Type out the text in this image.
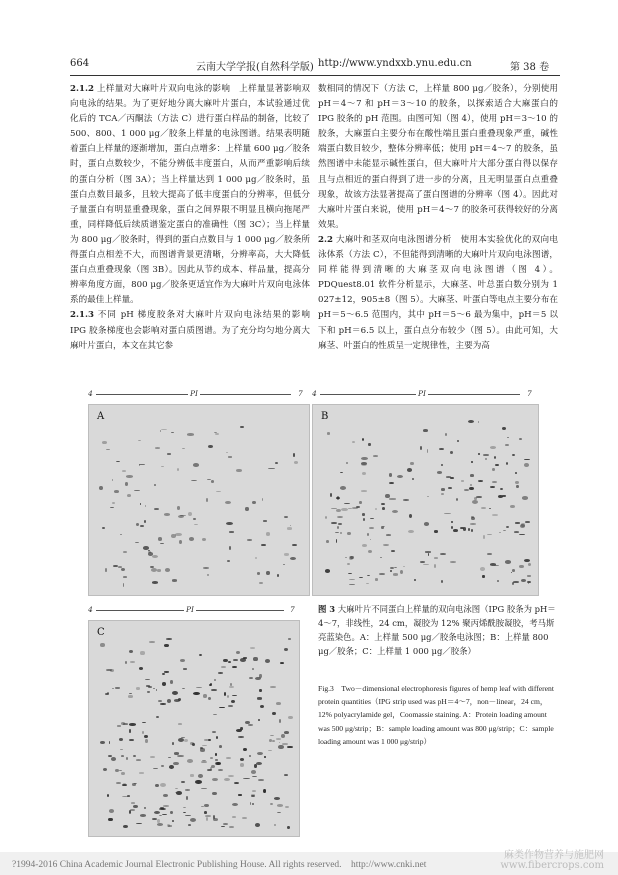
664	云南大学学报(自然科学版) http://www.yndxxb.ynu.edu.cn	第 38 卷

2.1.2 上样量对大麻叶片双向电泳的影响　上样量显著影响双向电泳的结果。为了更好地分离大麻叶片蛋白，本试验通过优化后的 TCA／丙酮法（方法 C）进行蛋白样品的制备，比较了 500、800、1 000 μg／胶条上样量的电泳图谱。结果表明随着蛋白上样量的逐渐增加，蛋白点增多：上样量 600 μg／胶条时，蛋白点数较少，不能分辨低丰度蛋白，从而严重影响后续的蛋白分析（图 3A）；当上样量达到 1 000 μg／胶条时，虽蛋白点数目最多，且较大提高了低丰度蛋白的分辨率，但低分子量蛋白有明显重叠现象，蛋白之间界限不明显且横向拖尾严重，同样降低后续质谱鉴定蛋白的准确性（图 3C）；当上样量为 800 μg／胶条时，得到的蛋白点数目与 1 000 μg／胶条所得蛋白点相差不大，而图谱背景更清晰，分辨率高，大大降低蛋白点重叠现象（图 3B）。因此从节约成本、样品量，提高分辨率角度方面，800 μg／胶条更适宜作为大麻叶片双向电泳体系的最佳上样量。

2.1.3 不同 pH 梯度胶条对大麻叶片双向电泳结果的影响　IPG 胶条梯度也会影响对蛋白质图谱。为了充分均匀地分离大麻叶片蛋白，本文在其它参

数相同的情况下（方法 C，上样量 800 μg／胶条），分别使用 pH＝4～7 和 pH＝3～10 的胶条，以探索适合大麻蛋白的 IPG 胶条的 pH 范围。由图可知（图 4），使用 pH＝3～10 的胶条，大麻蛋白主要分布在酸性端且蛋白重叠现象严重，碱性端蛋白数目较少，整体分辨率低；使用 pH＝4～7 的胶条，虽然图谱中未能显示碱性蛋白，但大麻叶片大部分蛋白得以保存且与点相近的蛋白得到了进一步的分离，且无明显蛋白点重叠现象，故该方法显著提高了蛋白图谱的分辨率（图 4）。因此对大麻叶片蛋白来说，使用 pH＝4～7 的胶条可获得较好的分离效果。

2.2 大麻叶和茎双向电泳图谱分析　使用本实验优化的双向电泳体系（方法 C），不但能得到清晰的大麻叶片双向电泳图谱，同样能得到清晰的大麻茎双向电泳图谱（图 4）。PDQuest8.01 软件分析显示，大麻茎、叶总蛋白数分别为 1 027±12，905±8（图 5）。大麻茎、叶蛋白等电点主要分布在 pH＝5～6.5 范围内，其中 pH＝5～6 最为集中，pH＝5 以下和 pH＝6.5 以上，蛋白点分布较少（图 5）。由此可知，大麻茎、叶蛋白的性质呈一定规律性，主要为高

4	PI	7
A
4	PI	7
B
4	PI	7
C
图 3 大麻叶片不同蛋白上样量的双向电泳图（IPG 胶条为 pH＝4～7，非线性，24 cm，凝胶为 12% 聚丙烯酰胺凝胶，考马斯亮蓝染色。A：上样量 500 μg／胶条电泳图；B：上样量 800 μg／胶条；C：上样量 1 000 μg／胶条）
Fig.3　Two－dimensional electrophoresis figures of hemp leaf with different protein quantities（IPG strip used was pH＝4～7，non－linear，24 cm，12% polyacrylamide gel，Coomassie staining. A：Protein loading amount was 500 μg/strip；B：sample loading amount was 800 μg/strip；C：sample loading amount was 1 000 μg/strip）
?1994-2016 China Academic Journal Electronic Publishing House. All rights reserved.　http://www.cnki.net
麻类作物营养与施肥网
www.fibercrops.com
